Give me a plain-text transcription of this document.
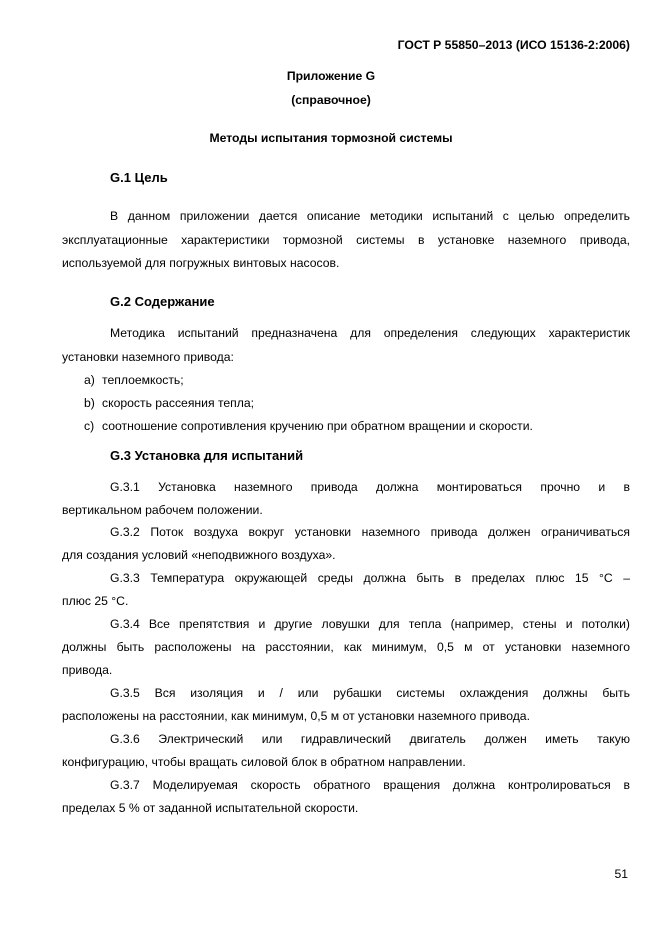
ГОСТ Р 55850–2013 (ИСО 15136-2:2006)
Приложение G
(справочное)
Методы испытания тормозной системы
G.1 Цель
В данном приложении дается описание методики испытаний с целью определить
эксплуатационные характеристики тормозной системы в установке наземного привода,
используемой для погружных винтовых насосов.
G.2 Содержание
Методика испытаний предназначена для определения следующих характеристик
установки наземного привода:
a) теплоемкость;
b) скорость рассеяния тепла;
c) соотношение сопротивления кручению при обратном вращении и скорости.
G.3 Установка для испытаний
G.3.1 Установка наземного привода должна монтироваться прочно и в
вертикальном рабочем положении.
G.3.2 Поток воздуха вокруг установки наземного привода должен ограничиваться
для создания условий «неподвижного воздуха».
G.3.3 Температура окружающей среды должна быть в пределах плюс 15 °С –
плюс 25 °С.
G.3.4 Все препятствия и другие ловушки для тепла (например, стены и потолки)
должны быть расположены на расстоянии, как минимум, 0,5 м от установки наземного
привода.
G.3.5 Вся изоляция и / или рубашки системы охлаждения должны быть
расположены на расстоянии, как минимум, 0,5 м от установки наземного привода.
G.3.6 Электрический или гидравлический двигатель должен иметь такую
конфигурацию, чтобы вращать силовой блок в обратном направлении.
G.3.7 Моделируемая скорость обратного вращения должна контролироваться в
пределах 5 % от заданной испытательной скорости.
51
